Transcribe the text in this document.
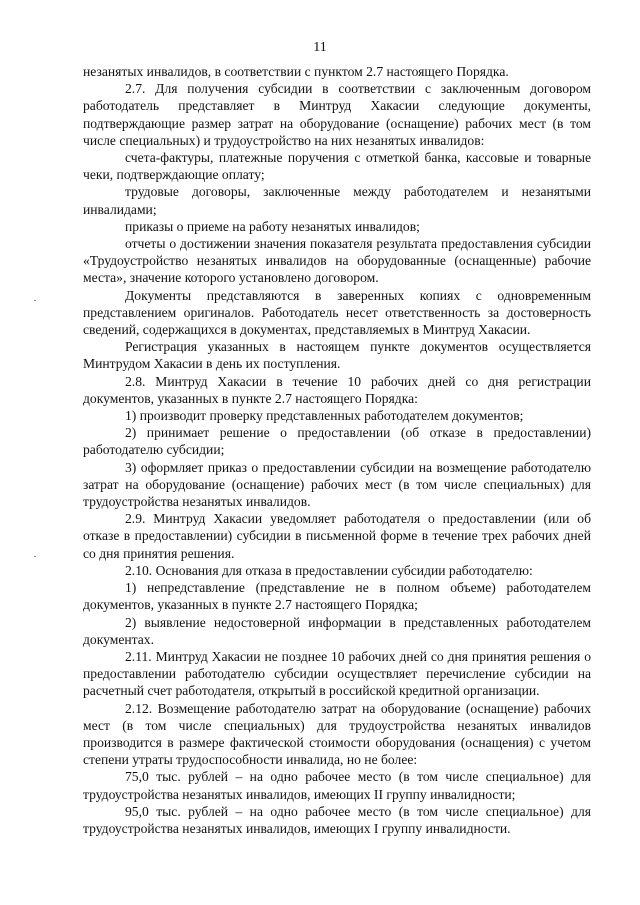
11

незанятых инвалидов, в соответствии с пунктом 2.7 настоящего Порядка.

2.7. Для получения субсидии в соответствии с заключенным договором работодатель представляет в Минтруд Хакасии следующие документы, подтверждающие размер затрат на оборудование (оснащение) рабочих мест (в том числе специальных) и трудоустройство на них незанятых инвалидов:

счета-фактуры, платежные поручения с отметкой банка, кассовые и товарные чеки, подтверждающие оплату;

трудовые договоры, заключенные между работодателем и незанятыми инвалидами;

приказы о приеме на работу незанятых инвалидов;

отчеты о достижении значения показателя результата предоставления субсидии «Трудоустройство незанятых инвалидов на оборудованные (оснащенные) рабочие места», значение которого установлено договором.

Документы представляются в заверенных копиях с одновременным представлением оригиналов. Работодатель несет ответственность за достоверность сведений, содержащихся в документах, представляемых в Минтруд Хакасии.

Регистрация указанных в настоящем пункте документов осуществляется Минтрудом Хакасии в день их поступления.

2.8. Минтруд Хакасии в течение 10 рабочих дней со дня регистрации документов, указанных в пункте 2.7 настоящего Порядка:

1) производит проверку представленных работодателем документов;

2) принимает решение о предоставлении (об отказе в предоставлении) работодателю субсидии;

3) оформляет приказ о предоставлении субсидии на возмещение работодателю затрат на оборудование (оснащение) рабочих мест (в том числе специальных) для трудоустройства незанятых инвалидов.

2.9. Минтруд Хакасии уведомляет работодателя о предоставлении (или об отказе в предоставлении) субсидии в письменной форме в течение трех рабочих дней со дня принятия решения.

2.10. Основания для отказа в предоставлении субсидии работодателю:

1) непредставление (представление не в полном объеме) работодателем документов, указанных в пункте 2.7 настоящего Порядка;

2) выявление недостоверной информации в представленных работодателем документах.

2.11. Минтруд Хакасии не позднее 10 рабочих дней со дня принятия решения о предоставлении работодателю субсидии осуществляет перечисление субсидии на расчетный счет работодателя, открытый в российской кредитной организации.

2.12. Возмещение работодателю затрат на оборудование (оснащение) рабочих мест (в том числе специальных) для трудоустройства незанятых инвалидов производится в размере фактической стоимости оборудования (оснащения) с учетом степени утраты трудоспособности инвалида, но не более:

75,0 тыс. рублей – на одно рабочее место (в том числе специальное) для трудоустройства незанятых инвалидов, имеющих II группу инвалидности;

95,0 тыс. рублей – на одно рабочее место (в том числе специальное) для трудоустройства незанятых инвалидов, имеющих I группу инвалидности.
